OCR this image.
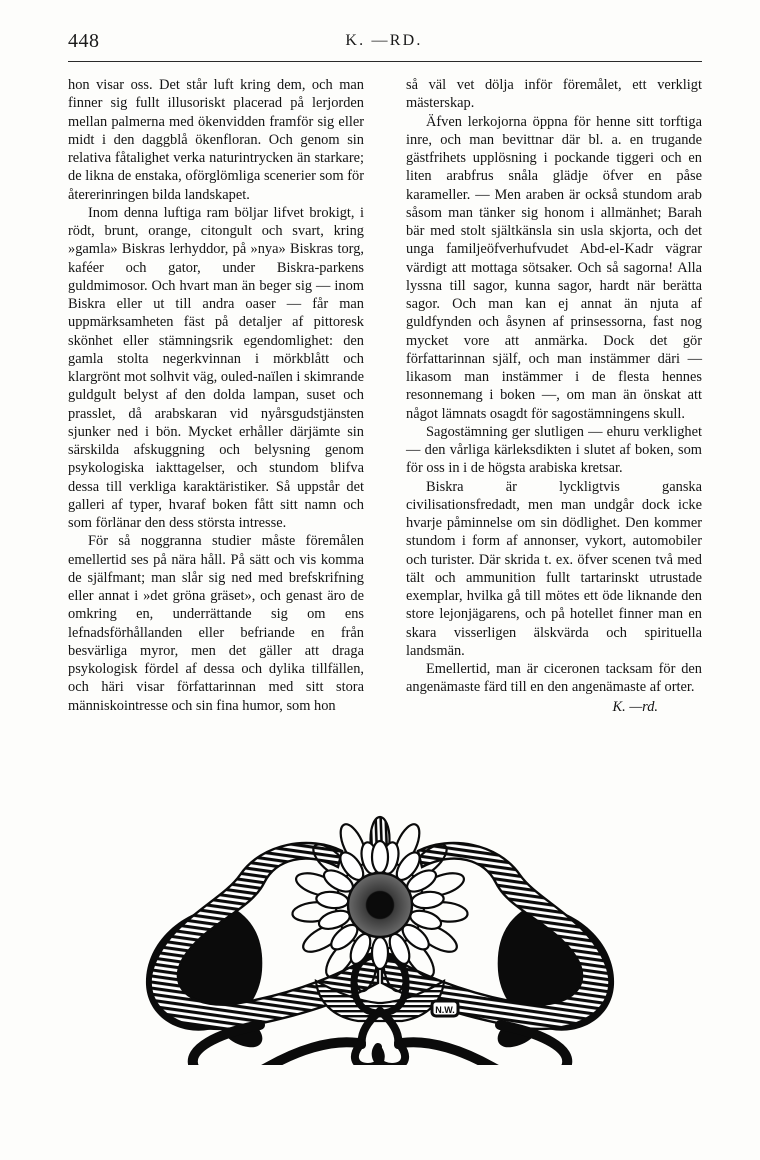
448	K. —RD.

hon visar oss. Det står luft kring dem, och man finner sig fullt illusoriskt placerad på lerjorden mellan palmerna med ökenvidden framför sig eller midt i den daggblå ökenfloran. Och genom sin relativa fåtalighet verka naturintrycken än starkare; de likna de enstaka, oförglömliga scenerier som för återerinringen bilda landskapet.

Inom denna luftiga ram böljar lifvet brokigt, i rödt, brunt, orange, citongult och svart, kring »gamla» Biskras lerhyddor, på »nya» Biskras torg, kaféer och gator, under Biskra-parkens guldmimosor. Och hvart man än beger sig — inom Biskra eller ut till andra oaser — får man uppmärksamheten fäst på detaljer af pittoresk skönhet eller stämningsrik egendomlighet: den gamla stolta negerkvinnan i mörkblått och klargrönt mot solhvit väg, ouled-naïlen i skimrande guldgult belyst af den dolda lampan, suset och prasslet, då arabskaran vid nyårsgudstjänsten sjunker ned i bön. Mycket erhåller därjämte sin särskilda afskuggning och belysning genom psykologiska iakttagelser, och stundom blifva dessa till verkliga karaktäristiker. Så uppstår det galleri af typer, hvaraf boken fått sitt namn och som förlänar den dess största intresse.

För så noggranna studier måste föremålen emellertid ses på nära håll. På sätt och vis komma de själfmant; man slår sig ned med brefskrifning eller annat i »det gröna gräset», och genast äro de omkring en, underrättande sig om ens lefnadsförhållanden eller befriande en från besvärliga myror, men det gäller att draga psykologisk fördel af dessa och dylika tillfällen, och häri visar författarinnan med sitt stora människointresse och sin fina humor, som hon

så väl vet dölja inför föremålet, ett verkligt mästerskap.

Äfven lerkojorna öppna för henne sitt torftiga inre, och man bevittnar där bl. a. en trugande gästfrihets upplösning i pockande tiggeri och en liten arabfrus snåla glädje öfver en påse karameller. — Men araben är också stundom arab såsom man tänker sig honom i allmänhet; Barah bär med stolt själtkänsla sin usla skjorta, och det unga familjeöfverhufvudet Abd-el-Kadr vägrar värdigt att mottaga sötsaker. Och så sagorna! Alla lyssna till sagor, kunna sagor, hardt när berätta sagor. Och man kan ej annat än njuta af guldfynden och åsynen af prinsessorna, fast nog mycket vore att anmärka. Dock det gör författarinnan själf, och man instämmer däri — likasom man instämmer i de flesta hennes resonnemang i boken —, om man än önskat att något lämnats osagdt för sagostämningens skull.

Sagostämning ger slutligen — ehuru verklighet — den vårliga kärleksdikten i slutet af boken, som för oss in i de högsta arabiska kretsar.

Biskra är lyckligtvis ganska civilisationsfredadt, men man undgår dock icke hvarje påminnelse om sin dödlighet. Den kommer stundom i form af annonser, vykort, automobiler och turister. Där skrida t. ex. öfver scenen två med tält och ammunition fullt tartarinskt utrustade exemplar, hvilka gå till mötes ett öde liknande den store lejonjägarens, och på hotellet finner man en skara visserligen älskvärda och spirituella landsmän.

Emellertid, man är ciceronen tacksam för den angenämaste färd till en den angenämaste af orter.

K. —rd.
N.W.
